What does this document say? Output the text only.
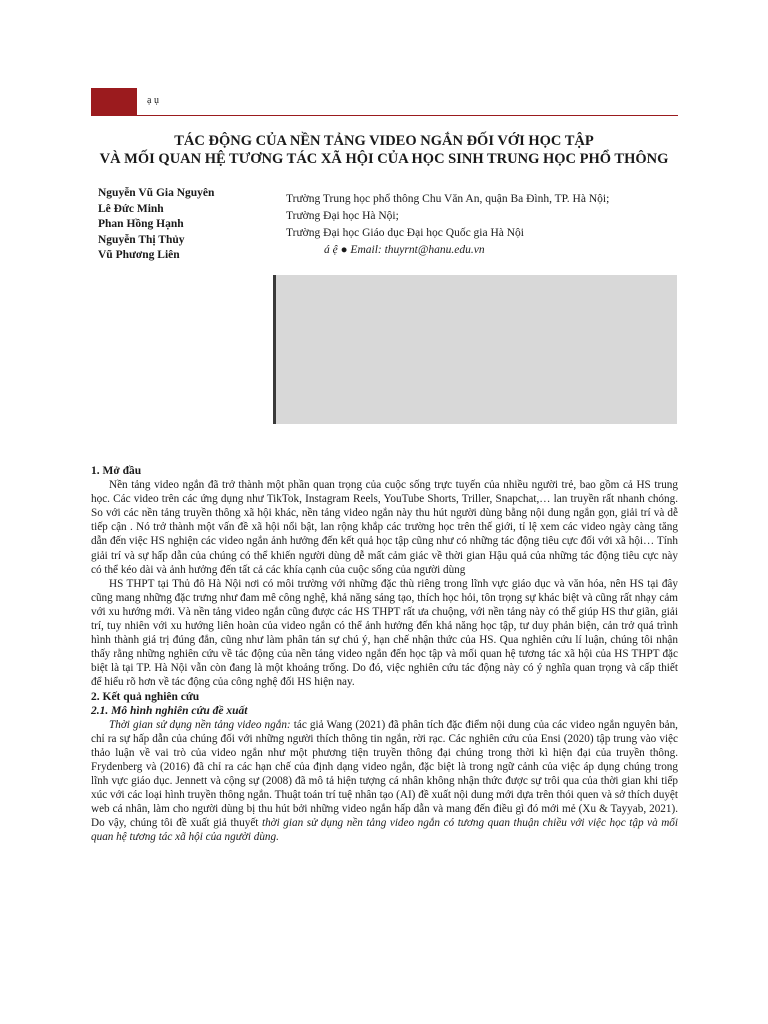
ạ ụ
TÁC ĐỘNG CỦA NỀN TẢNG VIDEO NGẮN ĐỐI VỚI HỌC TẬP
VÀ MỐI QUAN HỆ TƯƠNG TÁC XÃ HỘI CỦA HỌC SINH TRUNG HỌC PHỔ THÔNG
Nguyễn Vũ Gia Nguyên
Lê Đức Minh
Phan Hồng Hạnh
Nguyễn Thị Thủy
Vũ Phương Liên
Trường Trung học phổ thông Chu Văn An, quận Ba Đình, TP. Hà Nội;
Trường Đại học Hà Nội;
Trường Đại học Giáo dục Đại học Quốc gia Hà Nội
á ệ ● Email: thuyrnt@hanu.edu.vn
1. Mở đầu

Nền tảng video ngắn đã trở thành một phần quan trọng của cuộc sống trực tuyến của nhiều người trẻ, bao gồm cả HS trung học. Các video trên các ứng dụng như TikTok, Instagram Reels, YouTube Shorts, Triller, Snapchat,… lan truyền rất nhanh chóng. So với các nền tảng truyền thông xã hội khác, nền tảng video ngắn này thu hút người dùng bằng nội dung ngắn gọn, giải trí và dễ tiếp cận . Nó trở thành một vấn đề xã hội nổi bật, lan rộng khắp các trường học trên thế giới, tỉ lệ xem các video ngày càng tăng dẫn đến việc HS nghiện các video ngắn ảnh hưởng đến kết quả học tập cũng như có những tác động tiêu cực đối với xã hội… Tính giải trí và sự hấp dẫn của chúng có thể khiến người dùng dễ mất cảm giác về thời gian Hậu quả của những tác động tiêu cực này có thể kéo dài và ảnh hưởng đến tất cả các khía cạnh của cuộc sống của người dùng

HS THPT tại Thủ đô Hà Nội nơi có môi trường với những đặc thù riêng trong lĩnh vực giáo dục và văn hóa, nên HS tại đây cũng mang những đặc trưng như đam mê công nghệ, khả năng sáng tạo, thích học hỏi, tôn trọng sự khác biệt và cũng rất nhạy cảm với xu hướng mới. Và nền tảng video ngắn cũng được các HS THPT rất ưa chuộng, với nền tảng này có thể giúp HS thư giãn, giải trí, tuy nhiên với xu hướng liên hoàn của video ngắn có thể ảnh hưởng đến khả năng học tập, tư duy phản biện, cản trở quá trình hình thành giá trị đúng đắn, cũng như làm phân tán sự chú ý, hạn chế nhận thức của HS. Qua nghiên cứu lí luận, chúng tôi nhận thấy rằng những nghiên cứu về tác động của nền tảng video ngắn đến học tập và mối quan hệ tương tác xã hội của HS THPT đặc biệt là tại TP. Hà Nội vẫn còn đang là một khoảng trống. Do đó, việc nghiên cứu tác động này có ý nghĩa quan trọng và cấp thiết để hiểu rõ hơn về tác động của công nghệ đối HS hiện nay.

2. Kết quả nghiên cứu
2.1. Mô hình nghiên cứu đề xuất

Thời gian sử dụng nền tảng video ngắn: tác giả Wang (2021) đã phân tích đặc điểm nội dung của các video ngắn nguyên bản, chỉ ra sự hấp dẫn của chúng đối với những người thích thông tin ngắn, rời rạc. Các nghiên cứu của Ensi (2020) tập trung vào việc thảo luận về vai trò của video ngắn như một phương tiện truyền thông đại chúng trong thời kì hiện đại của truyền thông. Frydenberg và (2016) đã chỉ ra các hạn chế của định dạng video ngắn, đặc biệt là trong ngữ cảnh của việc áp dụng chúng trong lĩnh vực giáo dục. Jennett và cộng sự (2008) đã mô tả hiện tượng cá nhân không nhận thức được sự trôi qua của thời gian khi tiếp xúc với các loại hình truyền thông ngắn. Thuật toán trí tuệ nhân tạo (AI) đề xuất nội dung mới dựa trên thói quen và sở thích duyệt web cá nhân, làm cho người dùng bị thu hút bởi những video ngắn hấp dẫn và mang đến điều gì đó mới mẻ (Xu & Tayyab, 2021). Do vậy, chúng tôi đề xuất giả thuyết thời gian sử dụng nền tảng video ngắn có tương quan thuận chiều với việc học tập và mối quan hệ tương tác xã hội của người dùng.
